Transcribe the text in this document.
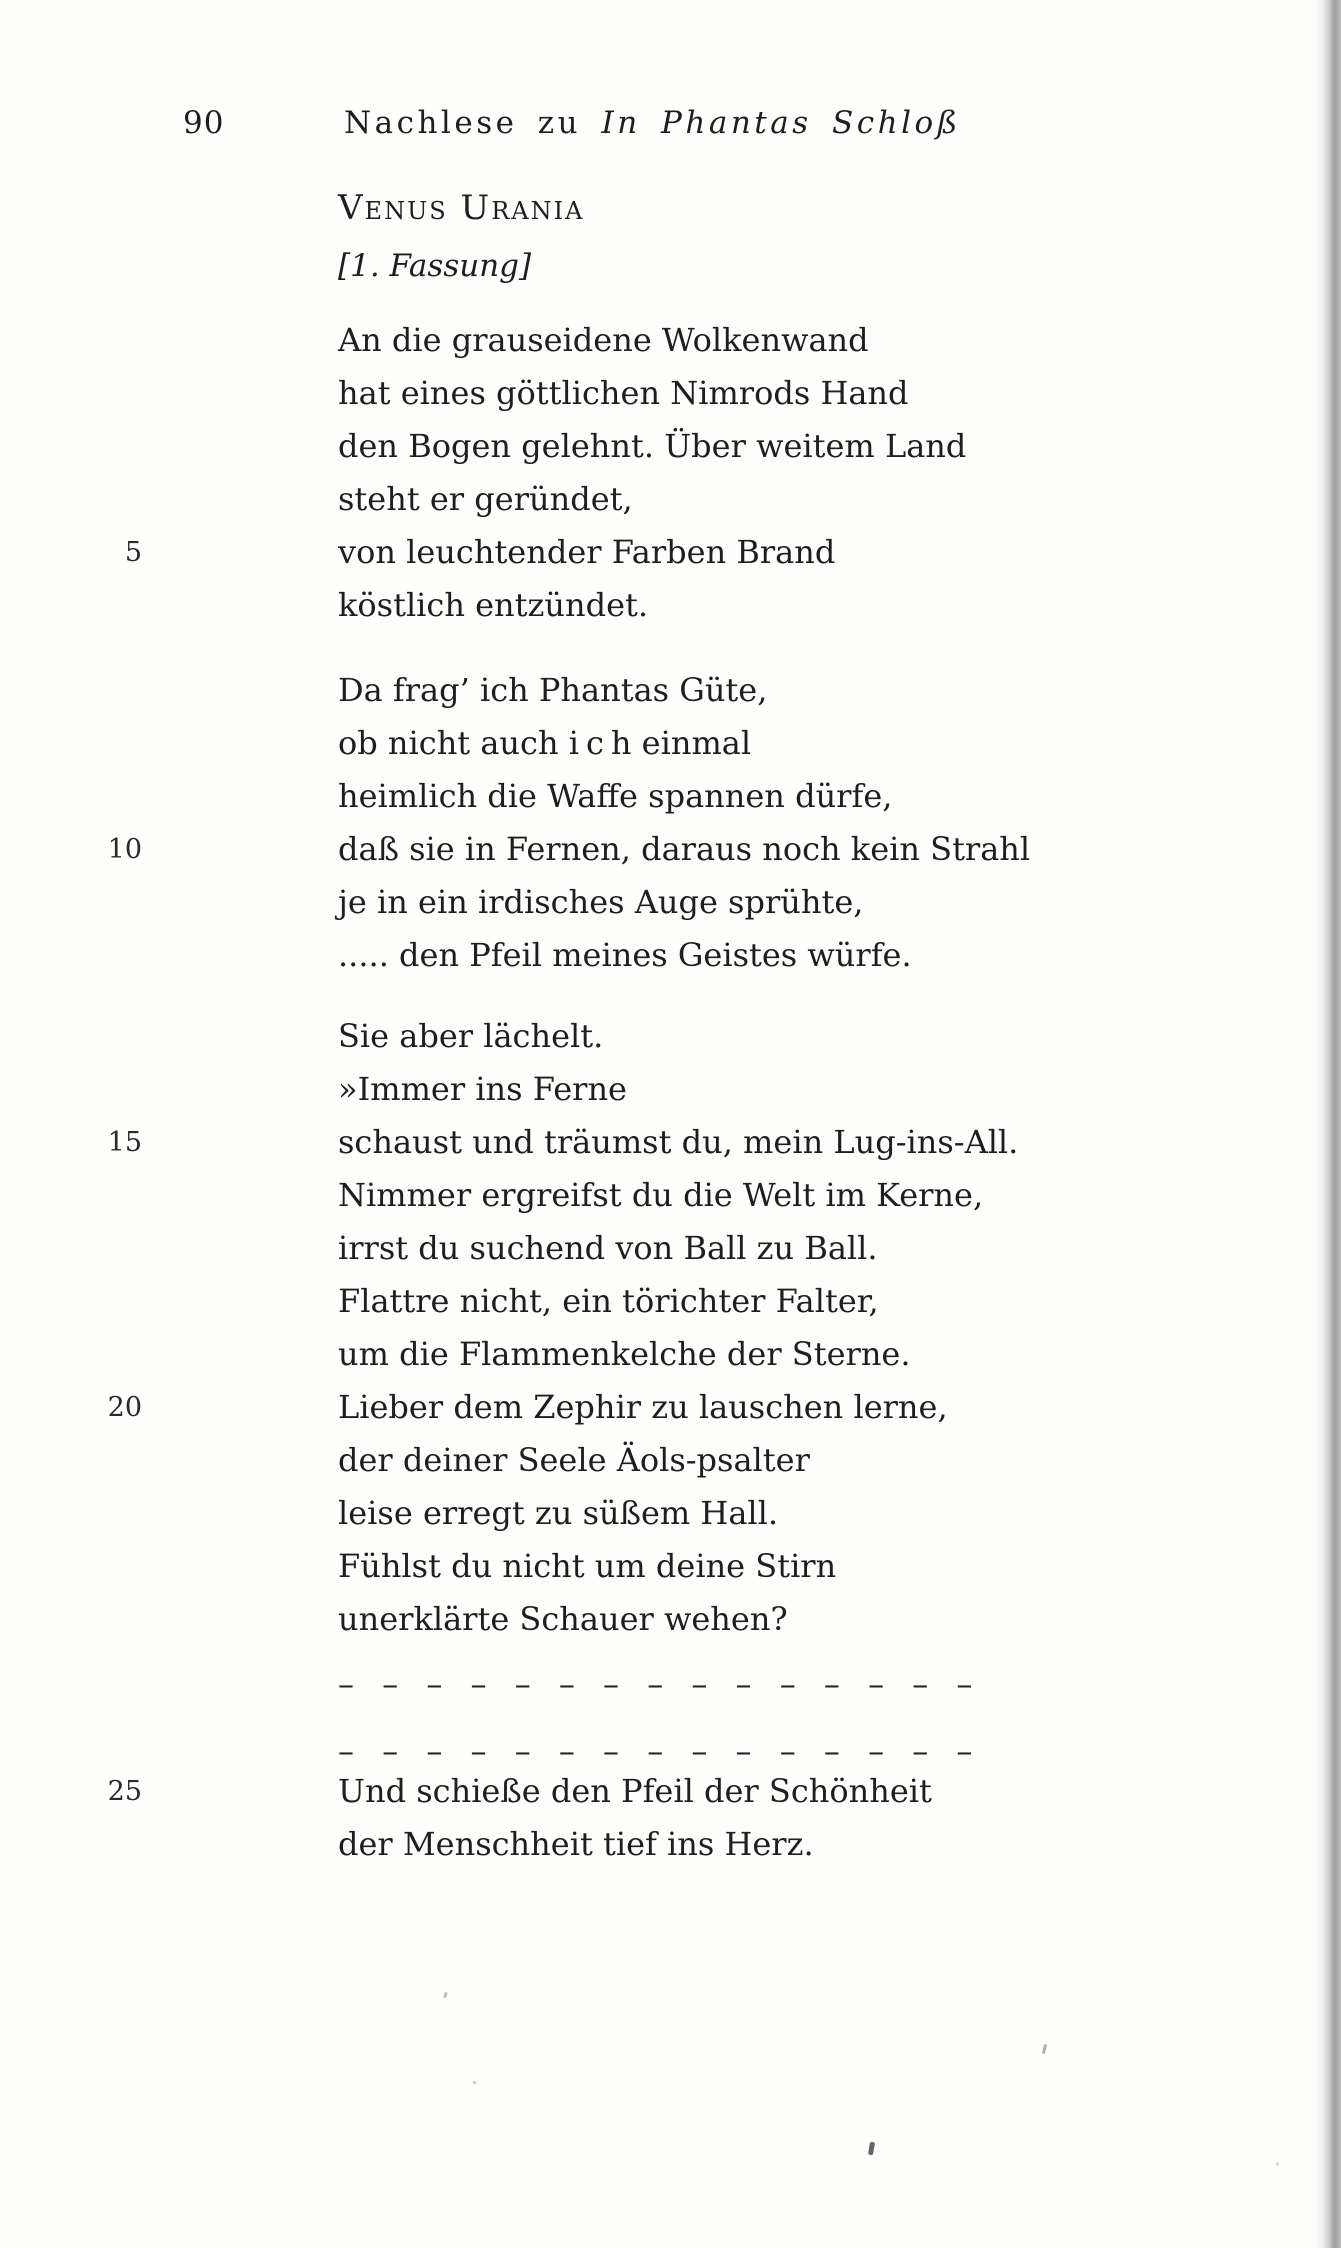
90	Nachlese zu In Phantas Schloß
Venus Urania
[1. Fassung]
An die grauseidene Wolkenwand
hat eines göttlichen Nimrods Hand
den Bogen gelehnt. Über weitem Land
steht er geründet,
von leuchtender Farben Brand
köstlich entzündet.
Da frag’ ich Phantas Güte,
ob nicht auch ich einmal
heimlich die Waffe spannen dürfe,
daß sie in Fernen, daraus noch kein Strahl
je in ein irdisches Auge sprühte,
..... den Pfeil meines Geistes würfe.
Sie aber lächelt.
»Immer ins Ferne
schaust und träumst du, mein Lug-ins-All.
Nimmer ergreifst du die Welt im Kerne,
irrst du suchend von Ball zu Ball.
Flattre nicht, ein törichter Falter,
um die Flammenkelche der Sterne.
Lieber dem Zephir zu lauschen lerne,
der deiner Seele Äols-psalter
leise erregt zu süßem Hall.
Fühlst du nicht um deine Stirn
unerklärte Schauer wehen?
– – – – – – – – – – – – – – –
– – – – – – – – – – – – – – –
Und schieße den Pfeil der Schönheit
der Menschheit tief ins Herz.
5
10
15
20
25
